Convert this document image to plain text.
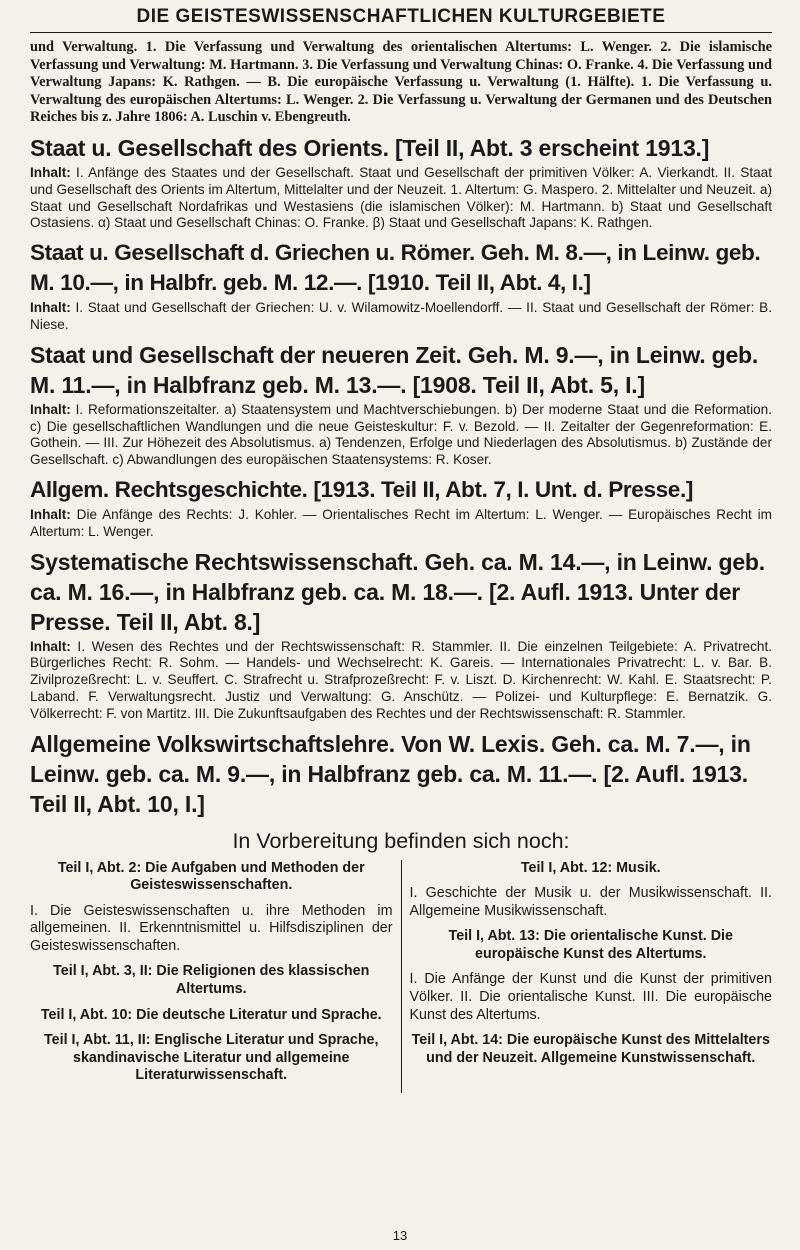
DIE GEISTESWISSENSCHAFTLICHEN KULTURGEBIETE

und Verwaltung. 1. Die Verfassung und Verwaltung des orientalischen Altertums: L. Wenger. 2. Die islamische Verfassung und Verwaltung: M. Hartmann. 3. Die Verfassung und Verwaltung Chinas: O. Franke. 4. Die Verfassung und Verwaltung Japans: K. Rathgen. — B. Die europäische Verfassung u. Verwaltung (1. Hälfte). 1. Die Verfassung u. Verwaltung des europäischen Altertums: L. Wenger. 2. Die Verfassung u. Verwaltung der Germanen und des Deutschen Reiches bis z. Jahre 1806: A. Luschin v. Ebengreuth.

Staat u. Gesellschaft des Orients. [Teil II, Abt. 3 erscheint 1913.]

Inhalt: I. Anfänge des Staates und der Gesellschaft. Staat und Gesellschaft der primitiven Völker: A. Vierkandt. II. Staat und Gesellschaft des Orients im Altertum, Mittelalter und der Neuzeit. 1. Altertum: G. Maspero. 2. Mittelalter und Neuzeit. a) Staat und Gesellschaft Nordafrikas und Westasiens (die islamischen Völker): M. Hartmann. b) Staat und Gesellschaft Ostasiens. α) Staat und Gesellschaft Chinas: O. Franke. β) Staat und Gesellschaft Japans: K. Rathgen.

Staat u. Gesellschaft d. Griechen u. Römer. Geh. M. 8.—, in Leinw. geb. M. 10.—, in Halbfr. geb. M. 12.—. [1910. Teil II, Abt. 4, I.]

Inhalt: I. Staat und Gesellschaft der Griechen: U. v. Wilamowitz-Moellendorff. — II. Staat und Gesellschaft der Römer: B. Niese.

Staat und Gesellschaft der neueren Zeit. Geh. M. 9.—, in Leinw. geb. M. 11.—, in Halbfranz geb. M. 13.—. [1908. Teil II, Abt. 5, I.]

Inhalt: I. Reformationszeitalter. a) Staatensystem und Machtverschiebungen. b) Der moderne Staat und die Reformation. c) Die gesellschaftlichen Wandlungen und die neue Geisteskultur: F. v. Bezold. — II. Zeitalter der Gegenreformation: E. Gothein. — III. Zur Höhezeit des Absolutismus. a) Tendenzen, Erfolge und Niederlagen des Absolutismus. b) Zustände der Gesellschaft. c) Abwandlungen des europäischen Staatensystems: R. Koser.

Allgem. Rechtsgeschichte. [1913. Teil II, Abt. 7, I. Unt. d. Presse.]

Inhalt: Die Anfänge des Rechts: J. Kohler. — Orientalisches Recht im Altertum: L. Wenger. — Europäisches Recht im Altertum: L. Wenger.

Systematische Rechtswissenschaft. Geh. ca. M. 14.—, in Leinw. geb. ca. M. 16.—, in Halbfranz geb. ca. M. 18.—. [2. Aufl. 1913. Unter der Presse. Teil II, Abt. 8.]

Inhalt: I. Wesen des Rechtes und der Rechtswissenschaft: R. Stammler. II. Die einzelnen Teilgebiete: A. Privatrecht. Bürgerliches Recht: R. Sohm. — Handels- und Wechselrecht: K. Gareis. — Internationales Privatrecht: L. v. Bar. B. Zivilprozeßrecht: L. v. Seuffert. C. Strafrecht u. Strafprozeßrecht: F. v. Liszt. D. Kirchenrecht: W. Kahl. E. Staatsrecht: P. Laband. F. Verwaltungsrecht. Justiz und Verwaltung: G. Anschütz. — Polizei- und Kulturpflege: E. Bernatzik. G. Völkerrecht: F. von Martitz. III. Die Zukunftsaufgaben des Rechtes und der Rechtswissenschaft: R. Stammler.

Allgemeine Volkswirtschaftslehre. Von W. Lexis. Geh. ca. M. 7.—, in Leinw. geb. ca. M. 9.—, in Halbfranz geb. ca. M. 11.—. [2. Aufl. 1913. Teil II, Abt. 10, I.]
In Vorbereitung befinden sich noch:

Teil I, Abt. 2: Die Aufgaben und Methoden der Geisteswissenschaften.

I. Die Geisteswissenschaften u. ihre Methoden im allgemeinen. II. Erkenntnismittel u. Hilfsdisziplinen der Geisteswissenschaften.

Teil I, Abt. 3, II: Die Religionen des klassischen Altertums.

Teil I, Abt. 10: Die deutsche Literatur und Sprache.

Teil I, Abt. 11, II: Englische Literatur und Sprache, skandinavische Literatur und allgemeine Literaturwissenschaft.

Teil I, Abt. 12: Musik.

I. Geschichte der Musik u. der Musikwissenschaft. II. Allgemeine Musikwissenschaft.

Teil I, Abt. 13: Die orientalische Kunst. Die europäische Kunst des Altertums.

I. Die Anfänge der Kunst und die Kunst der primitiven Völker. II. Die orientalische Kunst. III. Die europäische Kunst des Altertums.

Teil I, Abt. 14: Die europäische Kunst des Mittelalters und der Neuzeit. Allgemeine Kunstwissenschaft.

13
